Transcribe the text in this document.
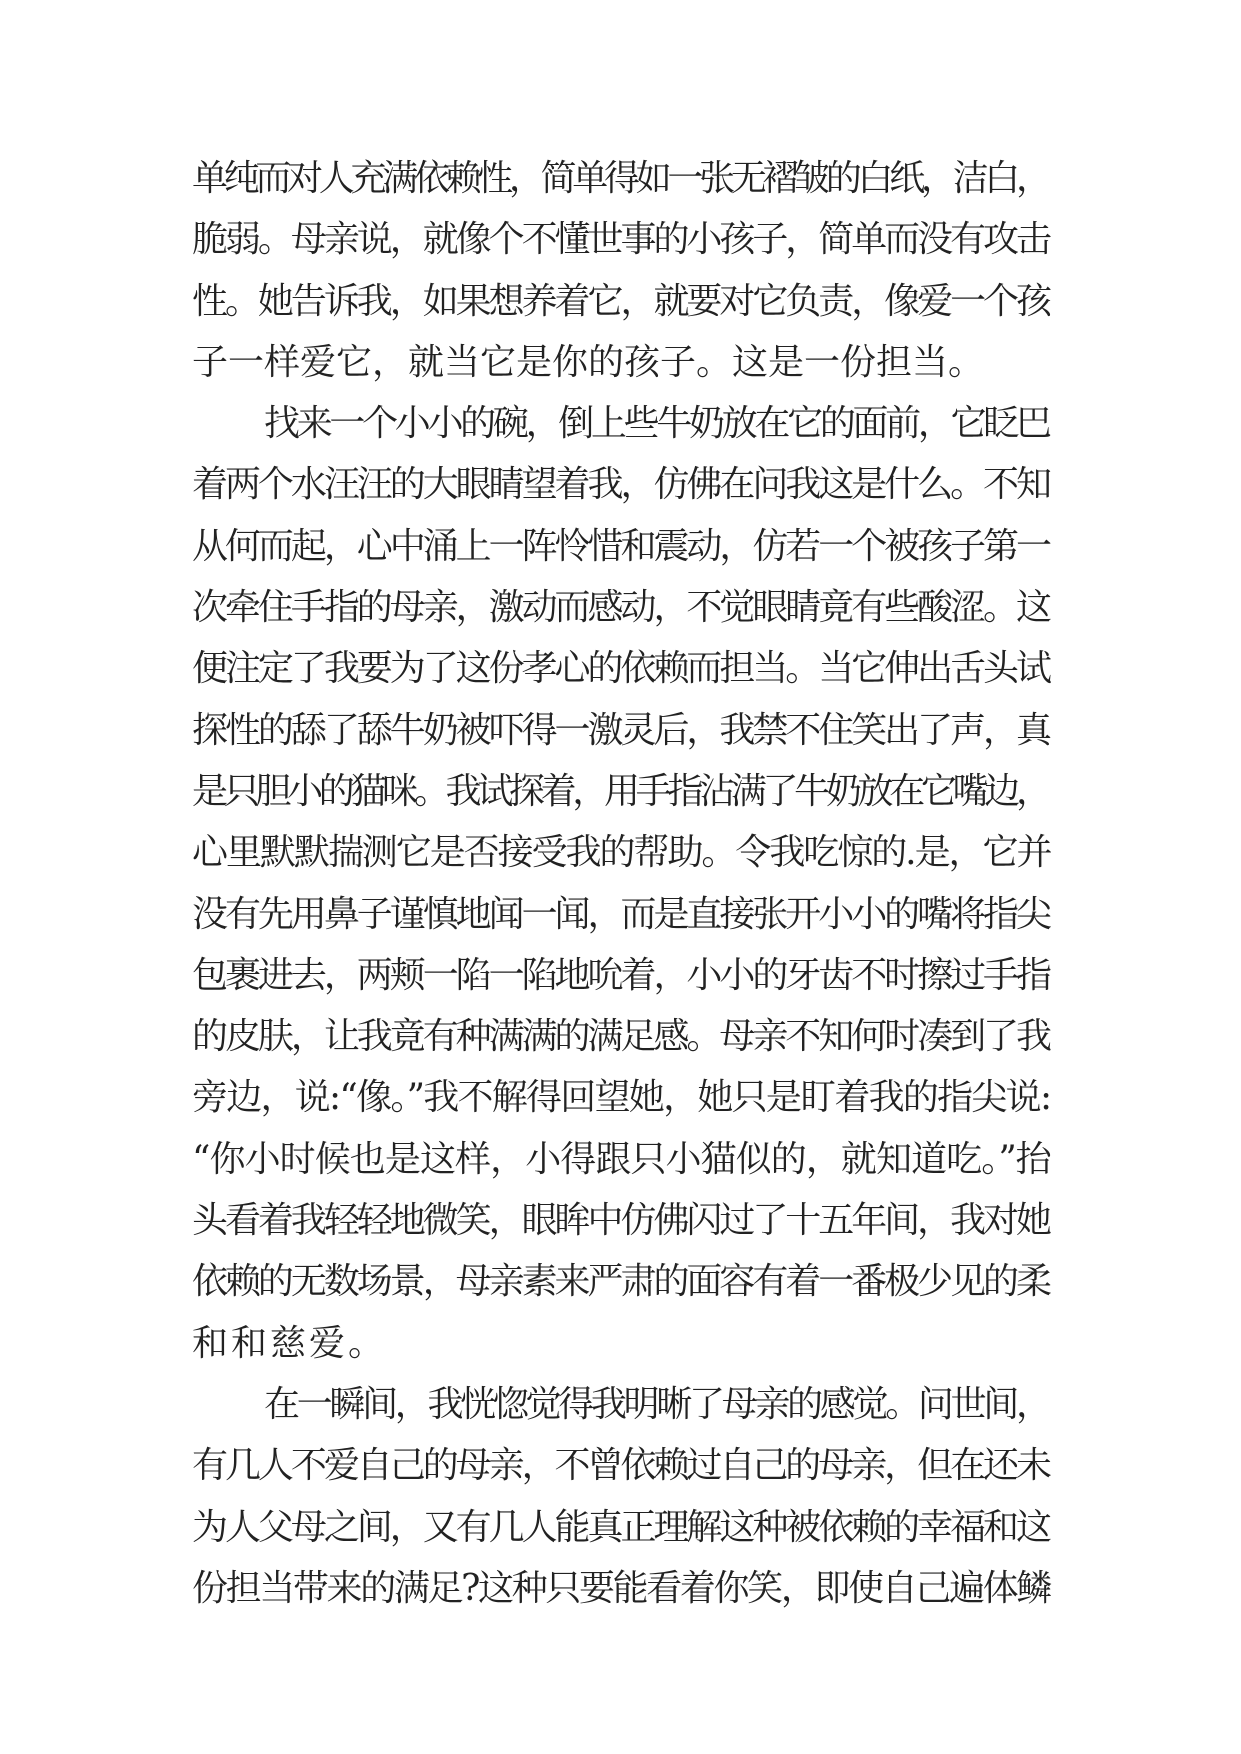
单纯而对人充满依赖性，简单得如一张无褶皱的白纸，洁白，
脆弱。母亲说，就像个不懂世事的小孩子，简单而没有攻击
性。她告诉我，如果想养着它，就要对它负责，像爱一个孩
子一样爱它，就当它是你的孩子。这是一份担当。
找来一个小小的碗，倒上些牛奶放在它的面前，它眨巴
着两个水汪汪的大眼睛望着我，仿佛在问我这是什么。不知
从何而起，心中涌上一阵怜惜和震动，仿若一个被孩子第一
次牵住手指的母亲，激动而感动，不觉眼睛竟有些酸涩。这
便注定了我要为了这份孝心的依赖而担当。当它伸出舌头试
探性的舔了舔牛奶被吓得一激灵后，我禁不住笑出了声，真
是只胆小的猫咪。我试探着，用手指沾满了牛奶放在它嘴边，
心里默默揣测它是否接受我的帮助。令我吃惊的.是，它并
没有先用鼻子谨慎地闻一闻，而是直接张开小小的嘴将指尖
包裹进去，两颊一陷一陷地吮着，小小的牙齿不时擦过手指
的皮肤，让我竟有种满满的满足感。母亲不知何时凑到了我
旁边，说:“像。”我不解得回望她，她只是盯着我的指尖说:
“你小时候也是这样，小得跟只小猫似的，就知道吃。”抬
头看着我轻轻地微笑，眼眸中仿佛闪过了十五年间，我对她
依赖的无数场景，母亲素来严肃的面容有着一番极少见的柔
和和慈爱。
在一瞬间，我恍惚觉得我明晰了母亲的感觉。问世间，
有几人不爱自己的母亲，不曾依赖过自己的母亲，但在还未
为人父母之间，又有几人能真正理解这种被依赖的幸福和这
份担当带来的满足?这种只要能看着你笑，即使自己遍体鳞
